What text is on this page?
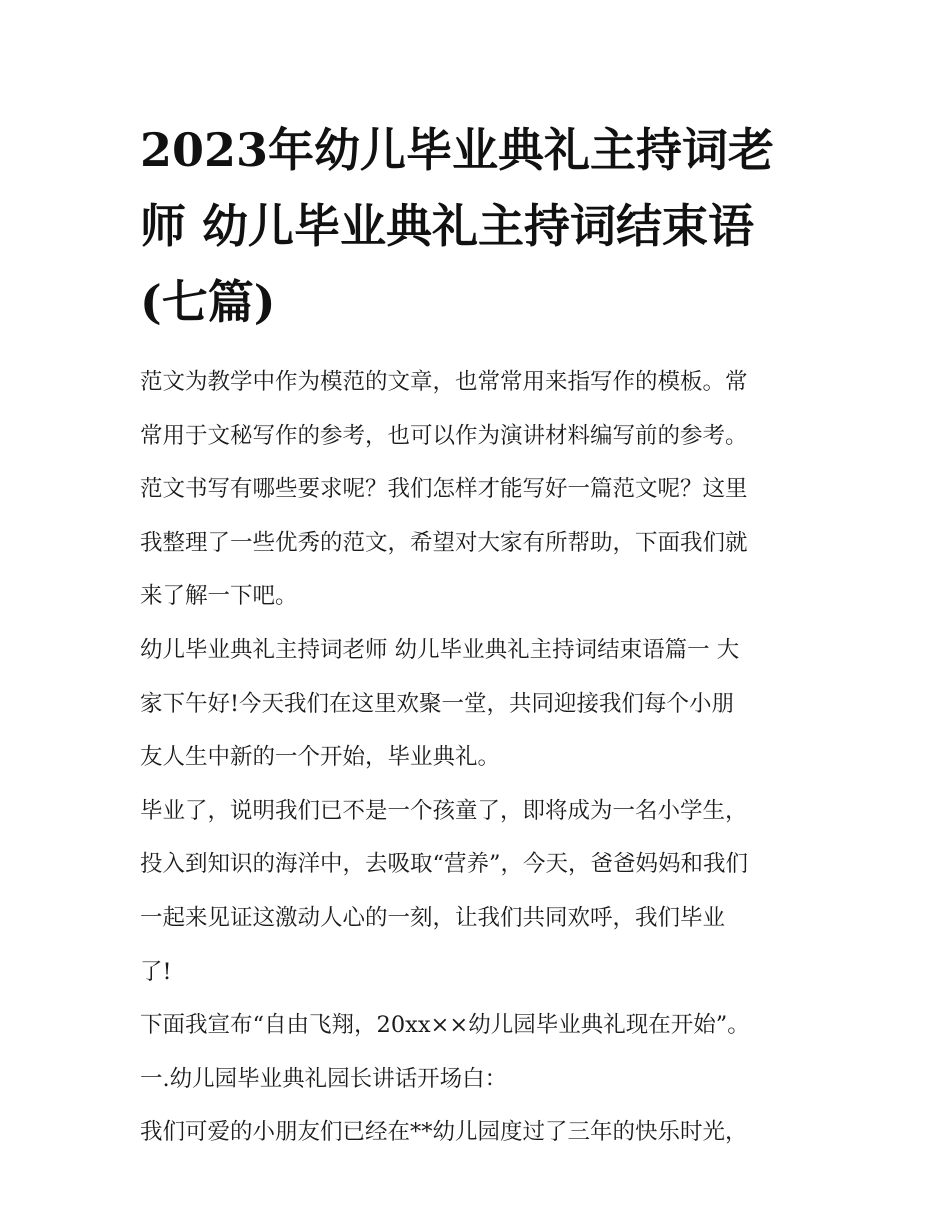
2023年幼儿毕业典礼主持词老
师 幼儿毕业典礼主持词结束语
(七篇)
范文为教学中作为模范的文章，也常常用来指写作的模板。常
常用于文秘写作的参考，也可以作为演讲材料编写前的参考。
范文书写有哪些要求呢？我们怎样才能写好一篇范文呢？这里
我整理了一些优秀的范文，希望对大家有所帮助，下面我们就
来了解一下吧。
幼儿毕业典礼主持词老师 幼儿毕业典礼主持词结束语篇一 大
家下午好!今天我们在这里欢聚一堂，共同迎接我们每个小朋
友人生中新的一个开始，毕业典礼。
毕业了，说明我们已不是一个孩童了，即将成为一名小学生，
投入到知识的海洋中，去吸取“营养”，今天，爸爸妈妈和我们
一起来见证这激动人心的一刻，让我们共同欢呼，我们毕业
了!
下面我宣布“自由飞翔，20xx××幼儿园毕业典礼现在开始”。
一.幼儿园毕业典礼园长讲话开场白：
我们可爱的小朋友们已经在**幼儿园度过了三年的快乐时光，
